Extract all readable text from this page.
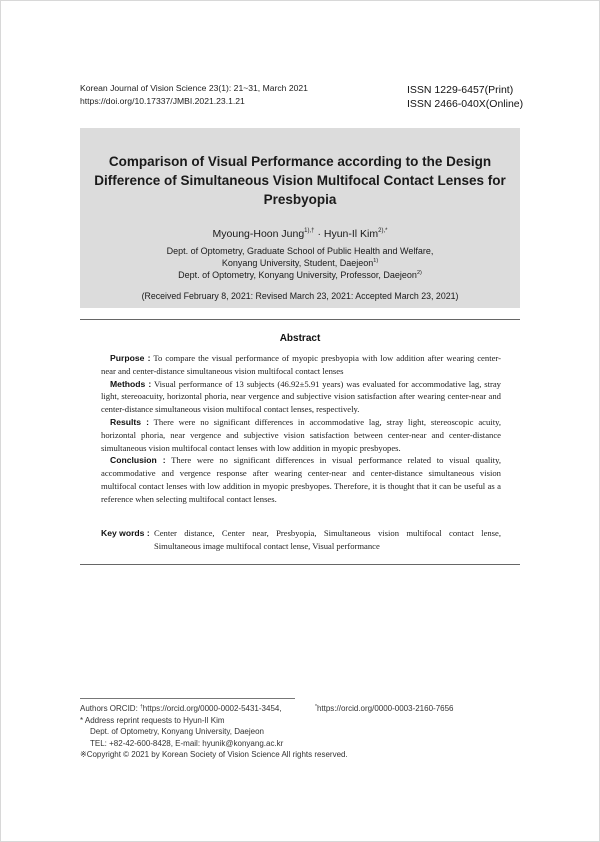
Korean Journal of Vision Science 23(1): 21~31, March 2021
https://doi.org/10.17337/JMBI.2021.23.1.21
ISSN 1229-6457(Print)
ISSN 2466-040X(Online)
Comparison of Visual Performance according to the Design Difference of Simultaneous Vision Multifocal Contact Lenses for Presbyopia
Myoung-Hoon Jung$^{1),\dagger}$ · Hyun-Il Kim$^{2),*}$
Dept. of Optometry, Graduate School of Public Health and Welfare,
Konyang University, Student, Daejeon$^{1)}$
Dept. of Optometry, Konyang University, Professor, Daejeon$^{2)}$
(Received February 8, 2021: Revised March 23, 2021: Accepted March 23, 2021)
Abstract

Purpose : To compare the visual performance of myopic presbyopia with low addition after wearing center-near and center-distance simultaneous vision multifocal contact lenses

Methods : Visual performance of 13 subjects (46.92±5.91 years) was evaluated for accommodative lag, stray light, stereoacuity, horizontal phoria, near vergence and subjective vision satisfaction after wearing center-near and center-distance simultaneous vision multifocal contact lenses, respectively.

Results : There were no significant differences in accommodative lag, stray light, stereoscopic acuity, horizontal phoria, near vergence and subjective vision satisfaction between center-near and center-distance simultaneous vision multifocal contact lenses with low addition in myopic presbyopes.

Conclusion : There were no significant differences in visual performance related to visual quality, accommodative and vergence response after wearing center-near and center-distance simultaneous vision multifocal contact lenses with low addition in myopic presbyopes. Therefore, it is thought that it can be useful as a reference when selecting multifocal contact lenses.

Key words : Center distance, Center near, Presbyopia, Simultaneous vision multifocal contact lense, Simultaneous image multifocal contact lense, Visual performance
Authors ORCID: †https://orcid.org/0000-0002-5431-3454,
* Address reprint requests to Hyun-Il Kim
Dept. of Optometry, Konyang University, Daejeon
TEL: +82-42-600-8428, E-mail: hyunik@konyang.ac.kr
※Copyright © 2021 by Korean Society of Vision Science All rights reserved.
*https://orcid.org/0000-0003-2160-7656
